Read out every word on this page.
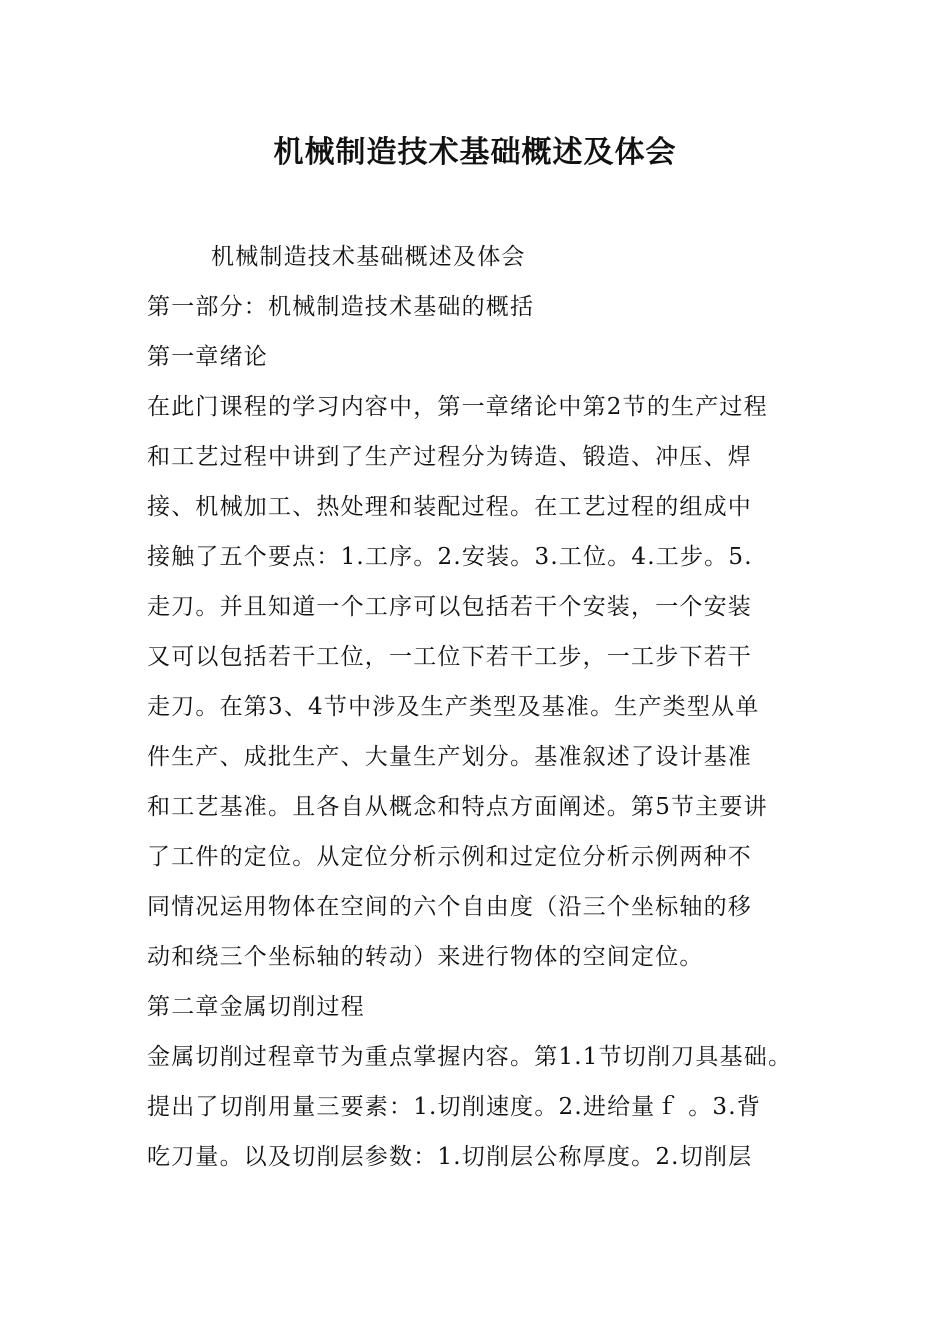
机械制造技术基础概述及体会
机械制造技术基础概述及体会
第一部分：机械制造技术基础的概括
第一章绪论
在此门课程的学习内容中，第一章绪论中第2节的生产过程
和工艺过程中讲到了生产过程分为铸造、锻造、冲压、焊
接、机械加工、热处理和装配过程。在工艺过程的组成中
接触了五个要点：1.工序。2.安装。3.工位。4.工步。5.
走刀。并且知道一个工序可以包括若干个安装，一个安装
又可以包括若干工位，一工位下若干工步，一工步下若干
走刀。在第3、4节中涉及生产类型及基准。生产类型从单
件生产、成批生产、大量生产划分。基准叙述了设计基准
和工艺基准。且各自从概念和特点方面阐述。第5节主要讲
了工件的定位。从定位分析示例和过定位分析示例两种不
同情况运用物体在空间的六个自由度（沿三个坐标轴的移
动和绕三个坐标轴的转动）来进行物体的空间定位。
第二章金属切削过程
金属切削过程章节为重点掌握内容。第1.1节切削刀具基础。
提出了切削用量三要素：1.切削速度。2.进给量ｆ 。3.背
吃刀量。以及切削层参数：1.切削层公称厚度。2.切削层
